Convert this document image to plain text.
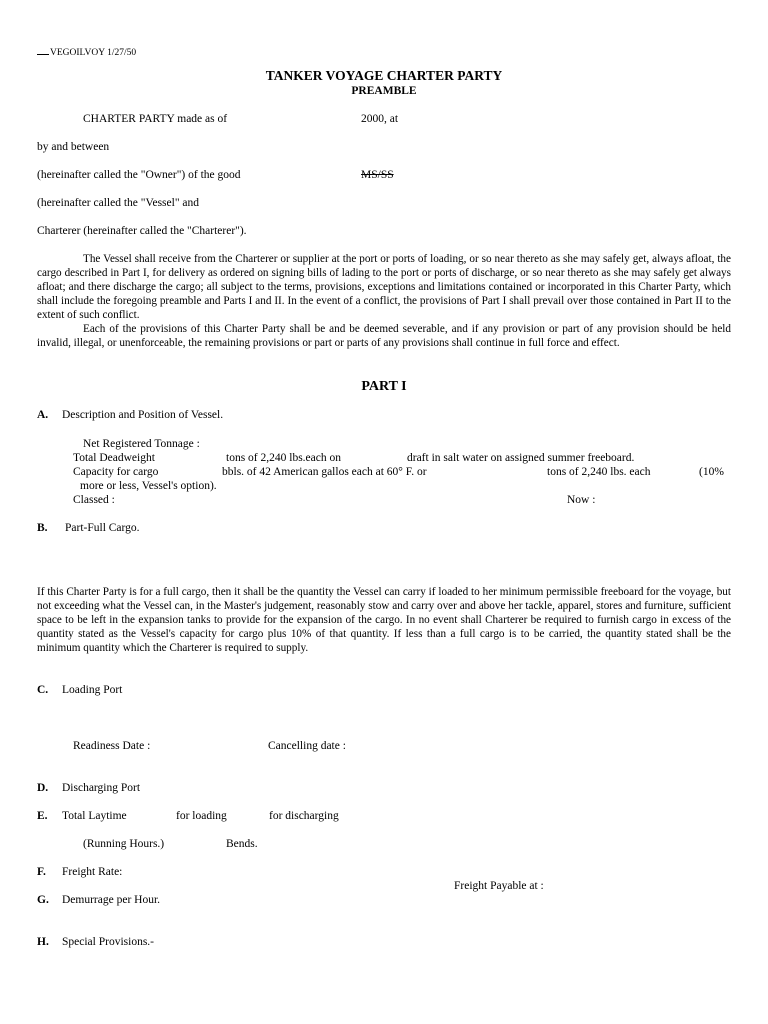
VEGOILVOY 1/27/50
TANKER VOYAGE CHARTER PARTY
PREAMBLE
CHARTER PARTY made as of	2000, at
by and between
(hereinafter called the "Owner") of the good	MS/SS
(hereinafter called the "Vessel" and
Charterer (hereinafter called the "Charterer").
The Vessel shall receive from the Charterer or supplier at the port or ports of loading, or so near thereto as she may safely get, always afloat, the cargo described in Part I, for delivery as ordered on signing bills of lading to the port or ports of discharge, or so near thereto as she may safely get always afloat; and there discharge the cargo; all subject to the terms, provisions, exceptions and limitations contained or incorporated in this Charter Party, which shall include the foregoing preamble and Parts I and II. In the event of a conflict, the provisions of Part I shall prevail over those contained in Part II to the extent of such conflict.
Each of the provisions of this Charter Party shall be and be deemed severable, and if any provision or part of any provision should be held invalid, illegal, or unenforceable, the remaining provisions or part or parts of any provisions shall continue in full force and effect.
PART I
A. Description and Position of Vessel.
Net Registered Tonnage :
Total Deadweight	tons of 2,240 lbs.each on	draft in salt water on assigned summer freeboard.
Capacity for cargo	bbls. of 42 American gallos each at 60° F. or	tons of 2,240 lbs. each	(10%
more or less, Vessel's option).
Classed :	Now :
B. Part-Full Cargo.
If this Charter Party is for a full cargo, then it shall be the quantity the Vessel can carry if loaded to her minimum permissible freeboard for the voyage, but not exceeding what the Vessel can, in the Master's judgement, reasonably stow and carry over and above her tackle, apparel, stores and furniture, sufficient space to be left in the expansion tanks to provide for the expansion of the cargo. In no event shall Charterer be required to furnish cargo in excess of the quantity stated as the Vessel's capacity for cargo plus 10% of that quantity. If less than a full cargo is to be carried, the quantity stated shall be the minimum quantity which the Charterer is required to supply.
C. Loading Port
Readiness Date :	Cancelling date :
D. Discharging Port
E. Total Laytime	for loading	for discharging
(Running Hours.)	Bends.
F. Freight Rate:
Freight Payable at :
G. Demurrage per Hour.
H. Special Provisions.-
